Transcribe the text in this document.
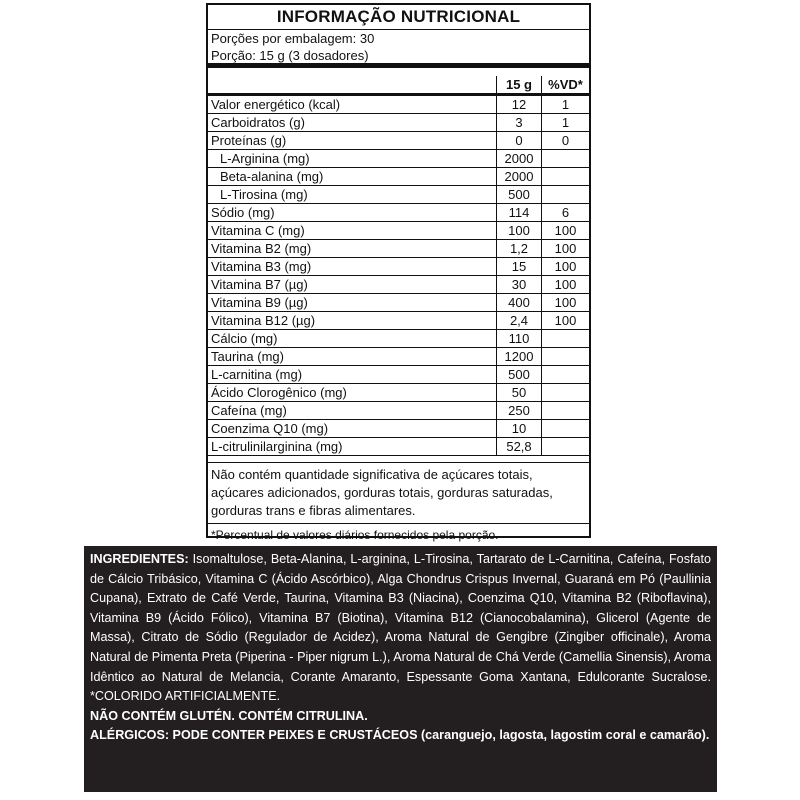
INFORMAÇÃO NUTRICIONAL
Porções por embalagem: 30
Porção: 15 g (3 dosadores)
	15 g	%VD*
Valor energético (kcal)	12	1
Carboidratos (g)	3	1
Proteínas (g)	0	0
L-Arginina (mg)	2000	
Beta-alanina (mg)	2000	
L-Tirosina (mg)	500	
Sódio (mg)	114	6
Vitamina C (mg)	100	100
Vitamina B2 (mg)	1,2	100
Vitamina B3 (mg)	15	100
Vitamina B7 (µg)	30	100
Vitamina B9 (µg)	400	100
Vitamina B12 (µg)	2,4	100
Cálcio (mg)	110	
Taurina (mg)	1200	
L-carnitina (mg)	500	
Ácido Clorogênico (mg)	50	
Cafeína (mg)	250	
Coenzima Q10 (mg)	10	
L-citrulinilarginina (mg)	52,8	
Não contém quantidade significativa de açúcares totais, açúcares adicionados, gorduras totais, gorduras saturadas, gorduras trans e fibras alimentares.
*Percentual de valores diários fornecidos pela porção.

INGREDIENTES: Isomaltulose, Beta-Alanina, L-arginina, L-Tirosina, Tartarato de L-Carnitina, Cafeína, Fosfato de Cálcio Tribásico, Vitamina C (Ácido Ascórbico), Alga Chondrus Crispus Invernal, Guaraná em Pó (Paullinia Cupana), Extrato de Café Verde, Taurina, Vitamina B3 (Niacina), Coenzima Q10, Vitamina B2 (Riboflavina), Vitamina B9 (Ácido Fólico), Vitamina B7 (Biotina), Vitamina B12 (Cianocobalamina), Glicerol (Agente de Massa), Citrato de Sódio (Regulador de Acidez), Aroma Natural de Gengibre (Zingiber officinale), Aroma Natural de Pimenta Preta (Piperina - Piper nigrum L.), Aroma Natural de Chá Verde (Camellia Sinensis), Aroma Idêntico ao Natural de Melancia, Corante Amaranto, Espessante Goma Xantana, Edulcorante Sucralose. *COLORIDO ARTIFICIALMENTE.

NÃO CONTÉM GLUTÉN. CONTÉM CITRULINA.

ALÉRGICOS: PODE CONTER PEIXES E CRUSTÁCEOS (caranguejo, lagosta, lagostim coral e camarão).
